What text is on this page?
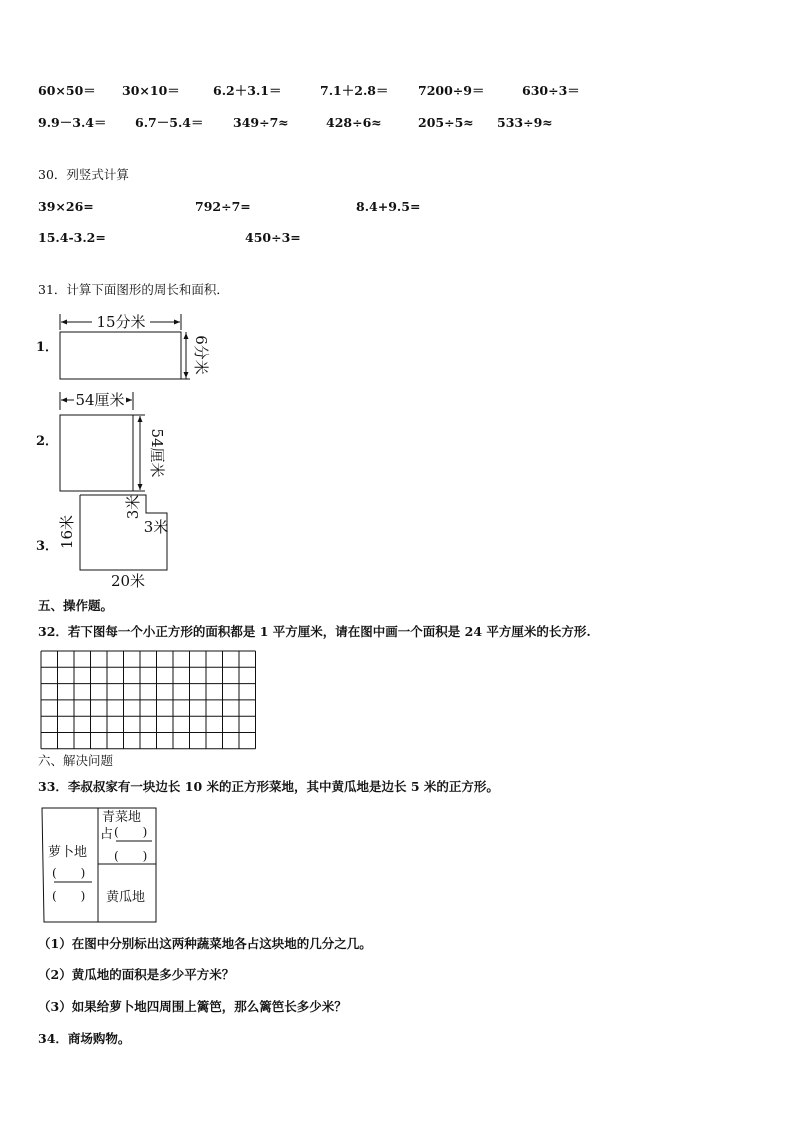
60×50＝ 30×10＝	6.2＋3.1＝	7.1＋2.8＝ 7200÷9＝	630÷3＝
9.9－3.4＝ 6.7－5.4＝ 349÷7≈	428÷6≈	205÷5≈ 533÷9≈
30．列竖式计算
39×26=	792÷7=	8.4+9.5=
15.4-3.2=	450÷3=
31．计算下面图形的周长和面积．
1．
15分米
6分米
2．
54厘米
54厘米
3． 16米
3米
3米
20米
五、操作题。
32．若下图每一个小正方形的面积都是 1 平方厘米，请在图中画一个面积是 24 平方厘米的长方形.
六、解决问题
33．李叔叔家有一块边长 10 米的正方形菜地，其中黄瓜地是边长 5 米的正方形。
萝卜地
(　　)
(　　)
青菜地
占 (　　)
(　　)
黄瓜地
（1）在图中分别标出这两种蔬菜地各占这块地的几分之几。
（2）黄瓜地的面积是多少平方米？
（3）如果给萝卜地四周围上篱笆，那么篱笆长多少米？
34．商场购物。
